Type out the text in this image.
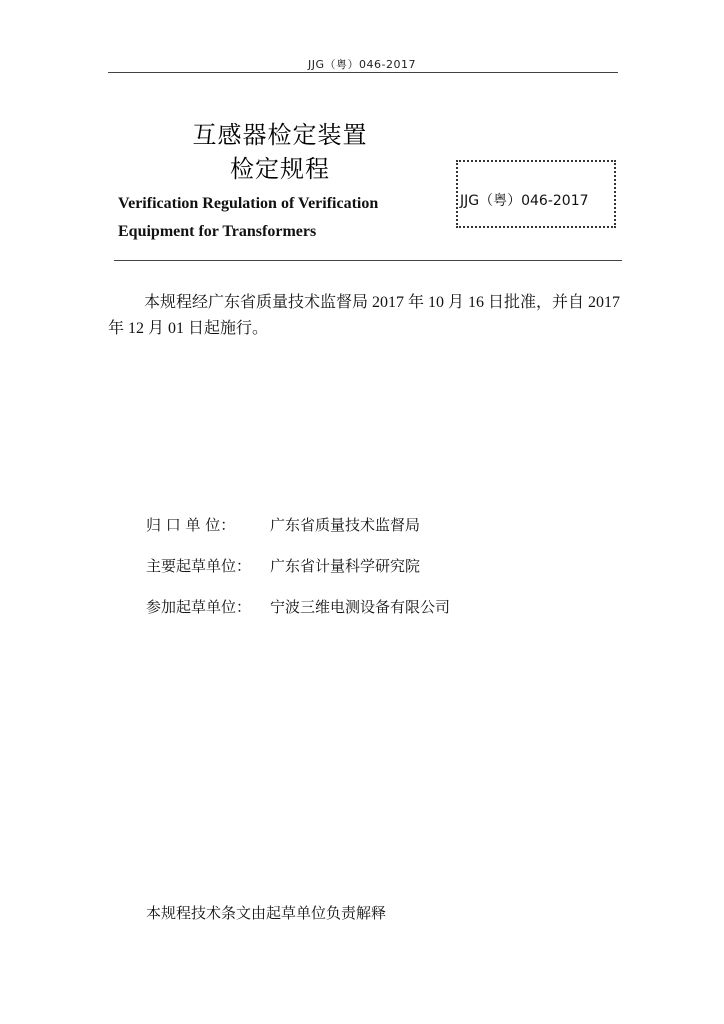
JJG（粤）046-2017
互感器检定装置
检定规程
Verification Regulation of Verification
Equipment for Transformers
JJG（粤）046-2017
本规程经广东省质量技术监督局 2017 年 10 月 16 日批准，并自 2017 年 12 月 01 日起施行。
归 口 单 位： 广东省质量技术监督局
主要起草单位： 广东省计量科学研究院
参加起草单位： 宁波三维电测设备有限公司
本规程技术条文由起草单位负责解释
